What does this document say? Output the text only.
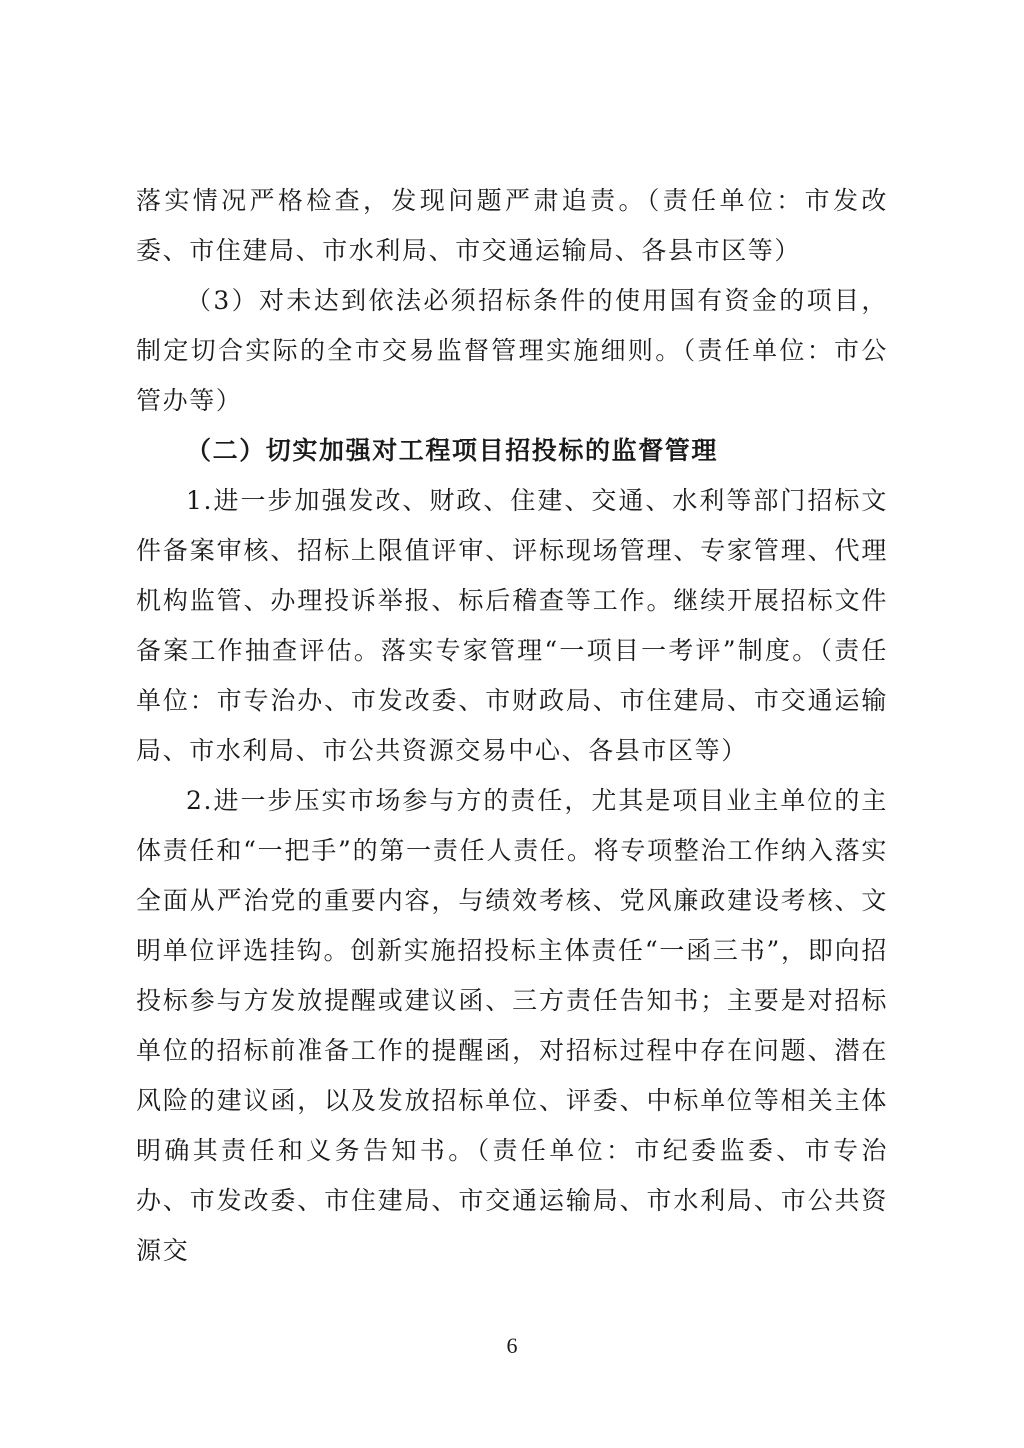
落实情况严格检查，发现问题严肃追责。（责任单位：市发改委、市住建局、市水利局、市交通运输局、各县市区等）

（3）对未达到依法必须招标条件的使用国有资金的项目，制定切合实际的全市交易监督管理实施细则。（责任单位：市公管办等）

（二）切实加强对工程项目招投标的监督管理

1.进一步加强发改、财政、住建、交通、水利等部门招标文件备案审核、招标上限值评审、评标现场管理、专家管理、代理机构监管、办理投诉举报、标后稽查等工作。继续开展招标文件备案工作抽查评估。落实专家管理“一项目一考评”制度。（责任单位：市专治办、市发改委、市财政局、市住建局、市交通运输局、市水利局、市公共资源交易中心、各县市区等）

2.进一步压实市场参与方的责任，尤其是项目业主单位的主体责任和“一把手”的第一责任人责任。将专项整治工作纳入落实全面从严治党的重要内容，与绩效考核、党风廉政建设考核、文明单位评选挂钩。创新实施招投标主体责任“一函三书”，即向招投标参与方发放提醒或建议函、三方责任告知书；主要是对招标单位的招标前准备工作的提醒函，对招标过程中存在问题、潜在风险的建议函，以及发放招标单位、评委、中标单位等相关主体明确其责任和义务告知书。（责任单位：市纪委监委、市专治办、市发改委、市住建局、市交通运输局、市水利局、市公共资源交

6
